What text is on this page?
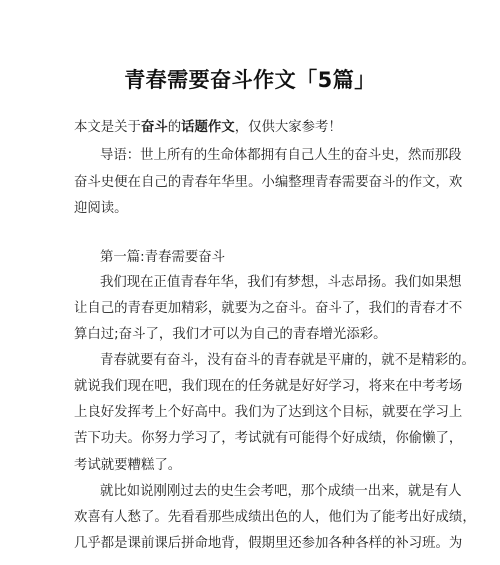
青春需要奋斗作文「5篇」
本文是关于奋斗的话题作文，仅供大家参考！
导语：世上所有的生命体都拥有自己人生的奋斗史，然而那段
奋斗史便在自己的青春年华里。小编整理青春需要奋斗的作文，欢
迎阅读。
第一篇:青春需要奋斗
我们现在正值青春年华，我们有梦想，斗志昂扬。我们如果想
让自己的青春更加精彩，就要为之奋斗。奋斗了，我们的青春才不
算白过;奋斗了，我们才可以为自己的青春增光添彩。
青春就要有奋斗，没有奋斗的青春就是平庸的，就不是精彩的。
就说我们现在吧，我们现在的任务就是好好学习，将来在中考考场
上良好发挥考上个好高中。我们为了达到这个目标，就要在学习上
苦下功夫。你努力学习了，考试就有可能得个好成绩，你偷懒了，
考试就要糟糕了。
就比如说刚刚过去的史生会考吧，那个成绩一出来，就是有人
欢喜有人愁了。先看看那些成绩出色的人，他们为了能考出好成绩，
几乎都是课前课后拼命地背，假期里还参加各种各样的补习班。为
